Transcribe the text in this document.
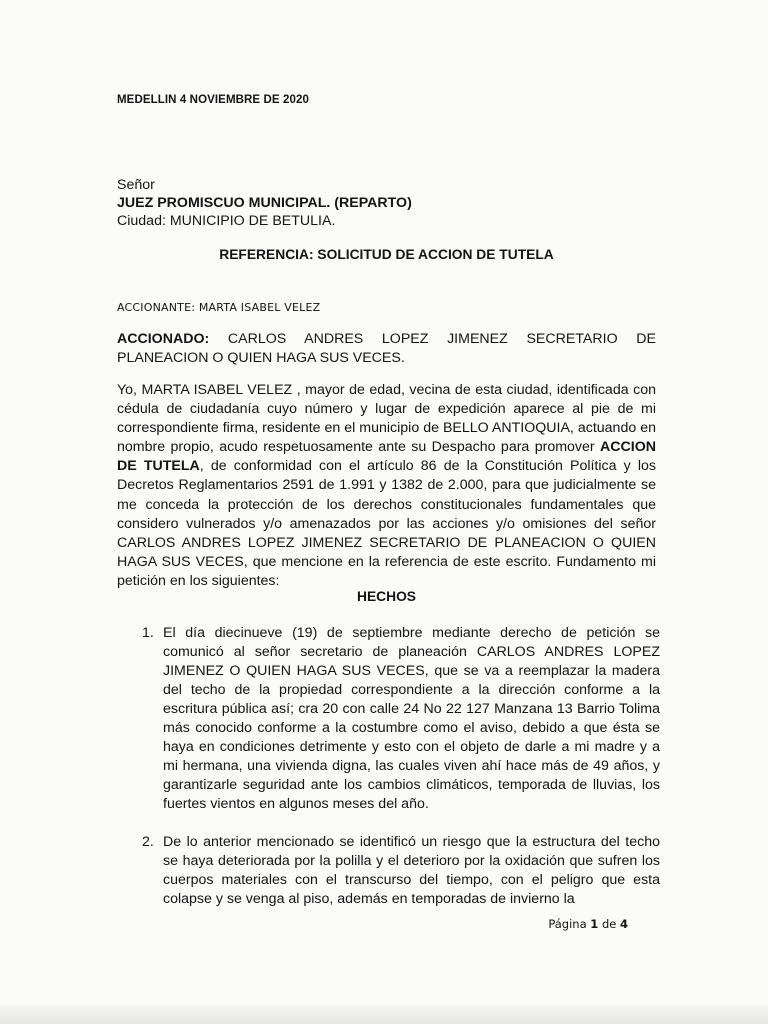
MEDELLIN 4 NOVIEMBRE DE 2020
Señor
JUEZ PROMISCUO MUNICIPAL. (REPARTO)
Ciudad: MUNICIPIO DE BETULIA.
REFERENCIA: SOLICITUD DE ACCION DE TUTELA
ACCIONANTE: MARTA ISABEL VELEZ
ACCIONADO: CARLOS ANDRES LOPEZ JIMENEZ SECRETARIO DE PLANEACION O QUIEN HAGA SUS VECES.
Yo, MARTA ISABEL VELEZ , mayor de edad, vecina de esta ciudad, identificada con cédula de ciudadanía cuyo número y lugar de expedición aparece al pie de mi correspondiente firma, residente en el municipio de BELLO ANTIOQUIA, actuando en nombre propio, acudo respetuosamente ante su Despacho para promover ACCION DE TUTELA, de conformidad con el artículo 86 de la Constitución Política y los Decretos Reglamentarios 2591 de 1.991 y 1382 de 2.000, para que judicialmente se me conceda la protección de los derechos constitucionales fundamentales que considero vulnerados y/o amenazados por las acciones y/o omisiones del señor CARLOS ANDRES LOPEZ JIMENEZ SECRETARIO DE PLANEACION O QUIEN HAGA SUS VECES, que mencione en la referencia de este escrito. Fundamento mi petición en los siguientes:
HECHOS
1. El día diecinueve (19) de septiembre mediante derecho de petición se comunicó al señor secretario de planeación CARLOS ANDRES LOPEZ JIMENEZ O QUIEN HAGA SUS VECES, que se va a reemplazar la madera del techo de la propiedad correspondiente a la dirección conforme a la escritura pública así; cra 20 con calle 24 No 22 127 Manzana 13 Barrio Tolima más conocido conforme a la costumbre como el aviso, debido a que ésta se haya en condiciones detrimente y esto con el objeto de darle a mi madre y a mi hermana, una vivienda digna, las cuales viven ahí hace más de 49 años, y garantizarle seguridad ante los cambios climáticos, temporada de lluvias, los fuertes vientos en algunos meses del año.
2. De lo anterior mencionado se identificó un riesgo que la estructura del techo se haya deteriorada por la polilla y el deterioro por la oxidación que sufren los cuerpos materiales con el transcurso del tiempo, con el peligro que esta colapse y se venga al piso, además en temporadas de invierno la
Página 1 de 4
